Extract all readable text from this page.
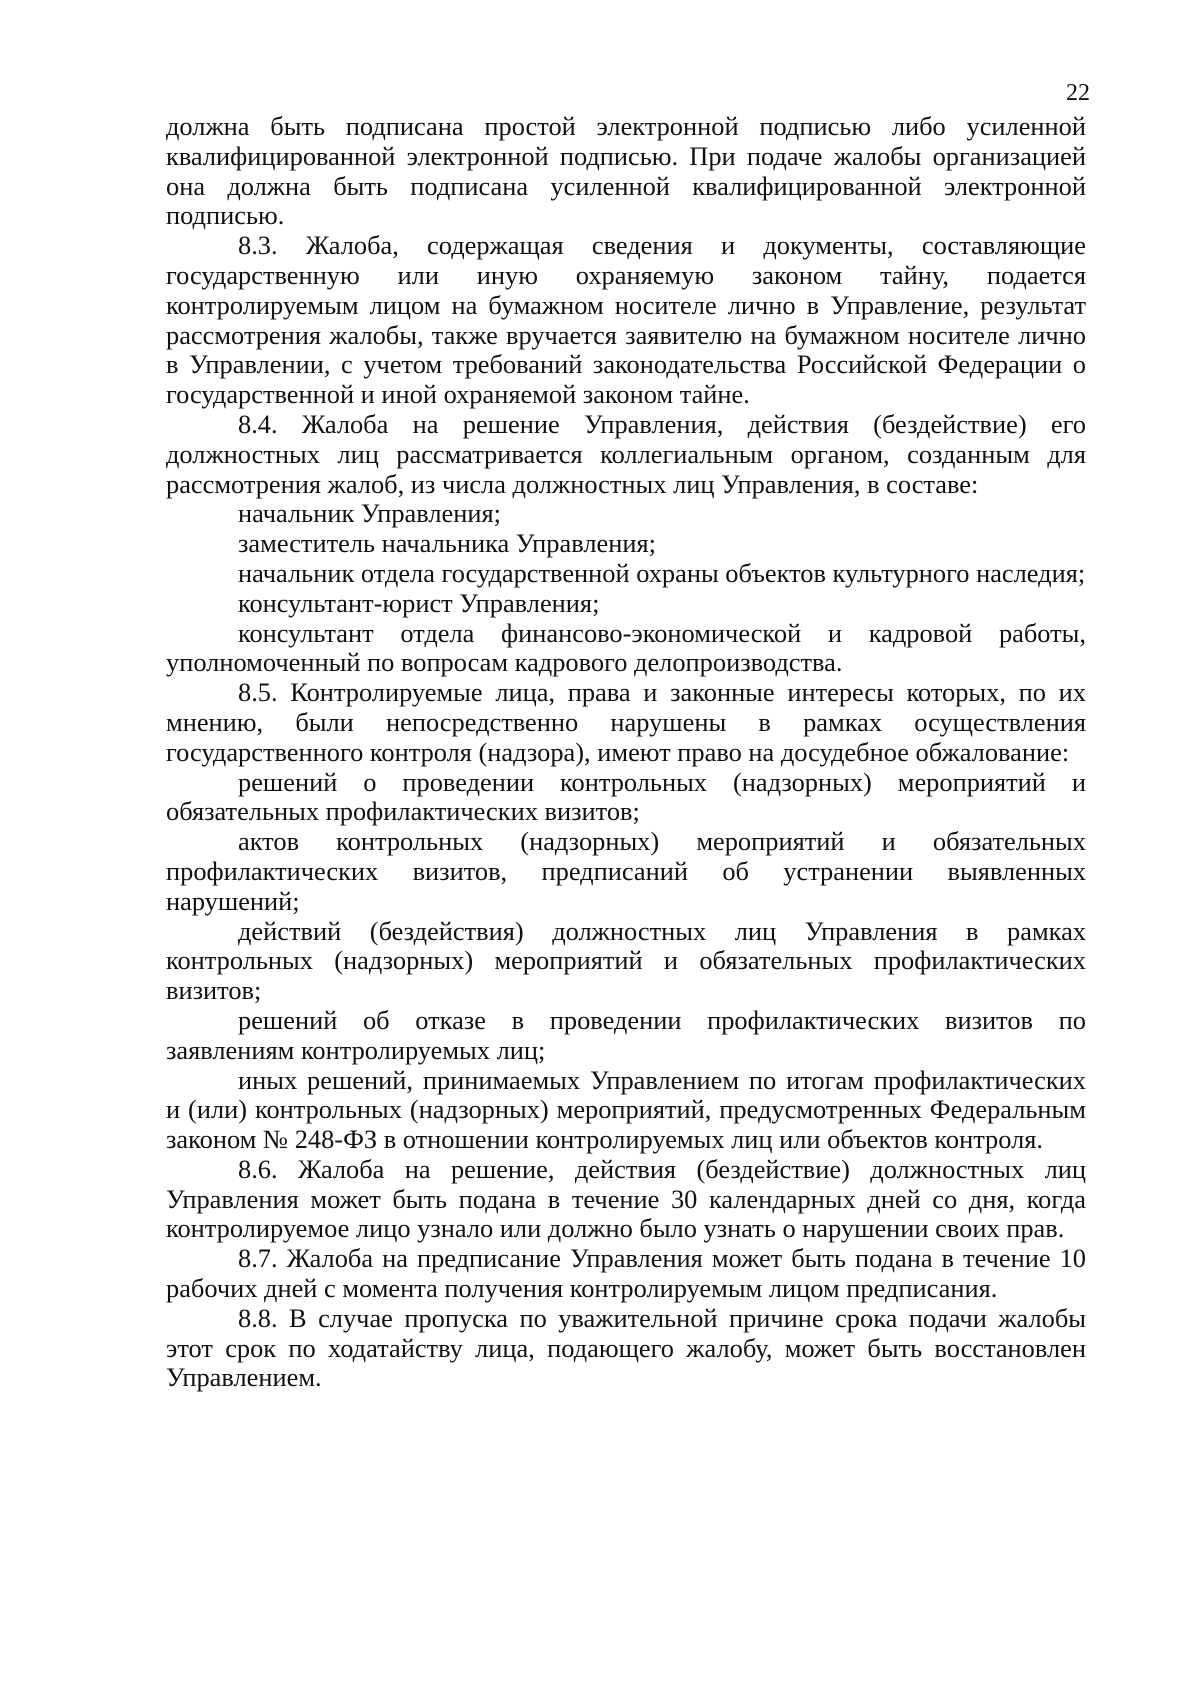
22

должна быть подписана простой электронной подписью либо усиленной квалифицированной электронной подписью. При подаче жалобы организацией она должна быть подписана усиленной квалифицированной электронной подписью.

8.3. Жалоба, содержащая сведения и документы, составляющие государственную или иную охраняемую законом тайну, подается контролируемым лицом на бумажном носителе лично в Управление, результат рассмотрения жалобы, также вручается заявителю на бумажном носителе лично в Управлении, с учетом требований законодательства Российской Федерации о государственной и иной охраняемой законом тайне.

8.4. Жалоба на решение Управления, действия (бездействие) его должностных лиц рассматривается коллегиальным органом, созданным для рассмотрения жалоб, из числа должностных лиц Управления, в составе:

начальник Управления;

заместитель начальника Управления;

начальник отдела государственной охраны объектов культурного наследия;

консультант-юрист Управления;

консультант отдела финансово-экономической и кадровой работы, уполномоченный по вопросам кадрового делопроизводства.

8.5. Контролируемые лица, права и законные интересы которых, по их мнению, были непосредственно нарушены в рамках осуществления государственного контроля (надзора), имеют право на досудебное обжалование:

решений о проведении контрольных (надзорных) мероприятий и обязательных профилактических визитов;

актов контрольных (надзорных) мероприятий и обязательных профилактических визитов, предписаний об устранении выявленных нарушений;

действий (бездействия) должностных лиц Управления в рамках контрольных (надзорных) мероприятий и обязательных профилактических визитов;

решений об отказе в проведении профилактических визитов по заявлениям контролируемых лиц;

иных решений, принимаемых Управлением по итогам профилактических и (или) контрольных (надзорных) мероприятий, предусмотренных Федеральным законом № 248-ФЗ в отношении контролируемых лиц или объектов контроля.

8.6. Жалоба на решение, действия (бездействие) должностных лиц Управления может быть подана в течение 30 календарных дней со дня, когда контролируемое лицо узнало или должно было узнать о нарушении своих прав.

8.7. Жалоба на предписание Управления может быть подана в течение 10 рабочих дней с момента получения контролируемым лицом предписания.

8.8. В случае пропуска по уважительной причине срока подачи жалобы этот срок по ходатайству лица, подающего жалобу, может быть восстановлен Управлением.
